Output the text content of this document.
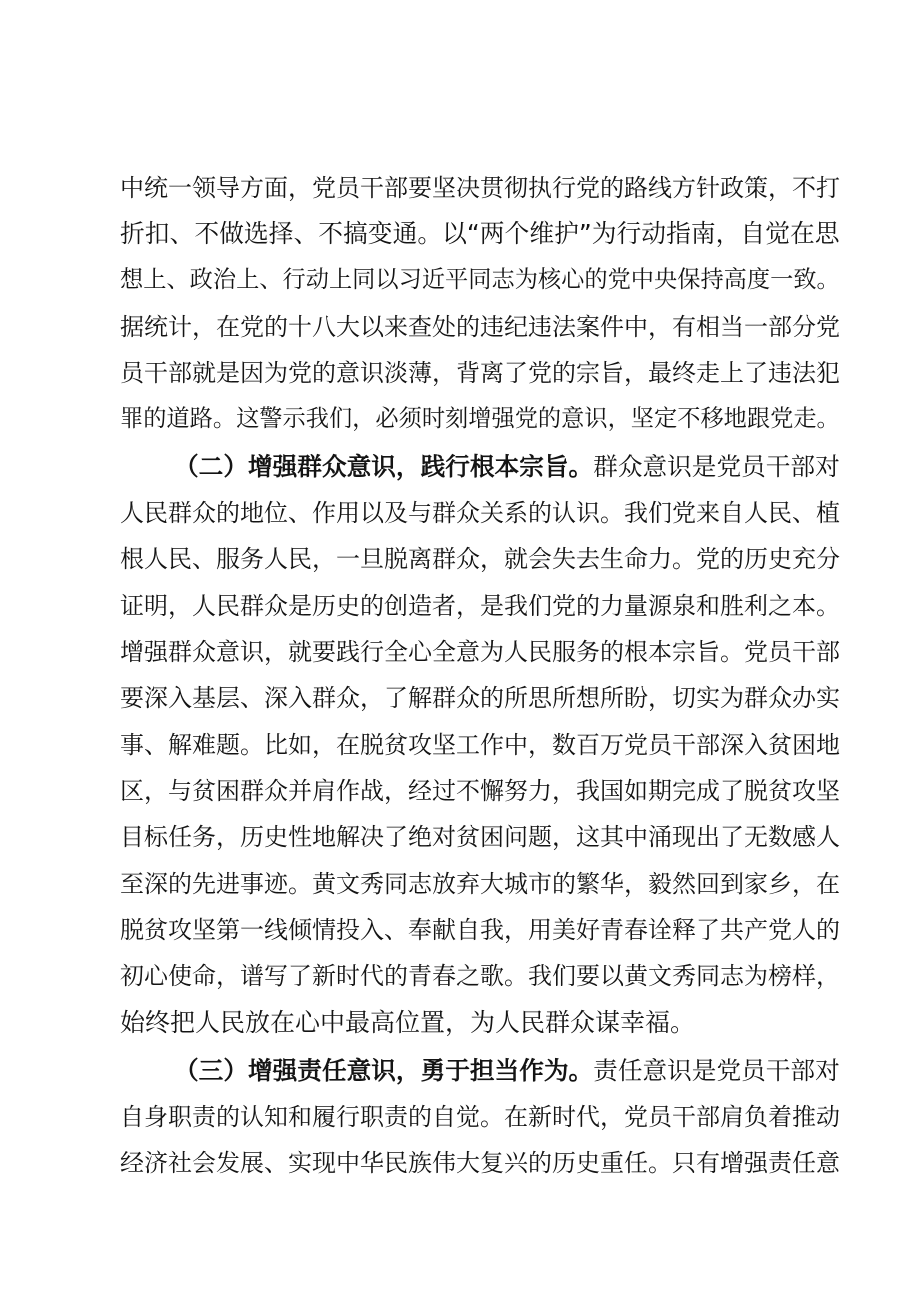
中统一领导方面，党员干部要坚决贯彻执行党的路线方针政策，不打
折扣、不做选择、不搞变通。以“两个维护”为行动指南，自觉在思
想上、政治上、行动上同以习近平同志为核心的党中央保持高度一致。
据统计，在党的十八大以来查处的违纪违法案件中，有相当一部分党
员干部就是因为党的意识淡薄，背离了党的宗旨，最终走上了违法犯
罪的道路。这警示我们，必须时刻增强党的意识，坚定不移地跟党走。
（二）增强群众意识，践行根本宗旨。群众意识是党员干部对
人民群众的地位、作用以及与群众关系的认识。我们党来自人民、植
根人民、服务人民，一旦脱离群众，就会失去生命力。党的历史充分
证明，人民群众是历史的创造者，是我们党的力量源泉和胜利之本。
增强群众意识，就要践行全心全意为人民服务的根本宗旨。党员干部
要深入基层、深入群众，了解群众的所思所想所盼，切实为群众办实
事、解难题。比如，在脱贫攻坚工作中，数百万党员干部深入贫困地
区，与贫困群众并肩作战，经过不懈努力，我国如期完成了脱贫攻坚
目标任务，历史性地解决了绝对贫困问题，这其中涌现出了无数感人
至深的先进事迹。黄文秀同志放弃大城市的繁华，毅然回到家乡，在
脱贫攻坚第一线倾情投入、奉献自我，用美好青春诠释了共产党人的
初心使命，谱写了新时代的青春之歌。我们要以黄文秀同志为榜样，
始终把人民放在心中最高位置，为人民群众谋幸福。
（三）增强责任意识，勇于担当作为。责任意识是党员干部对
自身职责的认知和履行职责的自觉。在新时代，党员干部肩负着推动
经济社会发展、实现中华民族伟大复兴的历史重任。只有增强责任意
